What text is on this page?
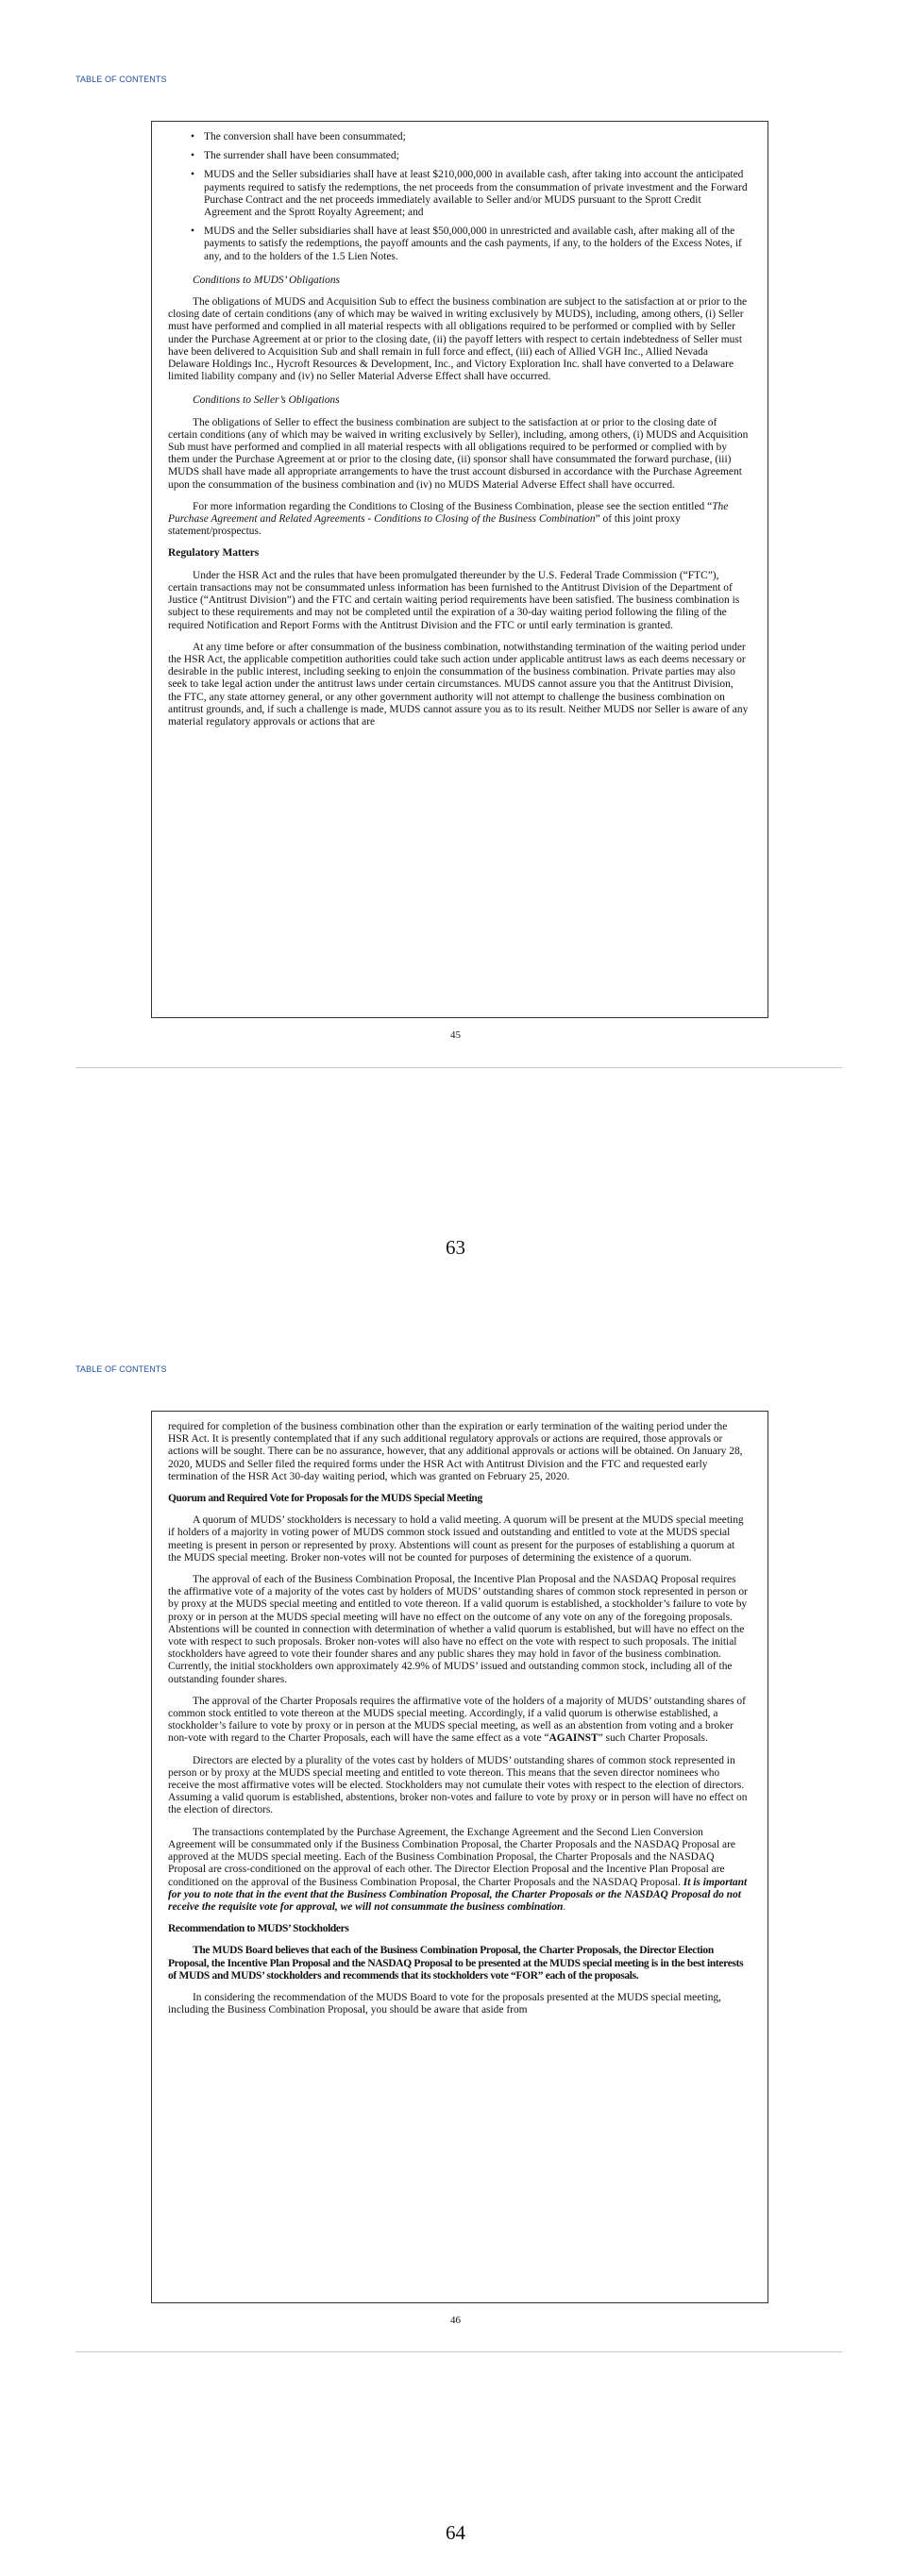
TABLE OF CONTENTS
• The conversion shall have been consummated;
• The surrender shall have been consummated;
• MUDS and the Seller subsidiaries shall have at least $210,000,000 in available cash, after taking into account the anticipated payments required to satisfy the redemptions, the net proceeds from the consummation of private investment and the Forward Purchase Contract and the net proceeds immediately available to Seller and/or MUDS pursuant to the Sprott Credit Agreement and the Sprott Royalty Agreement; and
• MUDS and the Seller subsidiaries shall have at least $50,000,000 in unrestricted and available cash, after making all of the payments to satisfy the redemptions, the payoff amounts and the cash payments, if any, to the holders of the Excess Notes, if any, and to the holders of the 1.5 Lien Notes.
Conditions to MUDS’ Obligations

The obligations of MUDS and Acquisition Sub to effect the business combination are subject to the satisfaction at or prior to the closing date of certain conditions (any of which may be waived in writing exclusively by MUDS), including, among others, (i) Seller must have performed and complied in all material respects with all obligations required to be performed or complied with by Seller under the Purchase Agreement at or prior to the closing date, (ii) the payoff letters with respect to certain indebtedness of Seller must have been delivered to Acquisition Sub and shall remain in full force and effect, (iii) each of Allied VGH Inc., Allied Nevada Delaware Holdings Inc., Hycroft Resources & Development, Inc., and Victory Exploration Inc. shall have converted to a Delaware limited liability company and (iv) no Seller Material Adverse Effect shall have occurred.

Conditions to Seller’s Obligations

The obligations of Seller to effect the business combination are subject to the satisfaction at or prior to the closing date of certain conditions (any of which may be waived in writing exclusively by Seller), including, among others, (i) MUDS and Acquisition Sub must have performed and complied in all material respects with all obligations required to be performed or complied with by them under the Purchase Agreement at or prior to the closing date, (ii) sponsor shall have consummated the forward purchase, (iii) MUDS shall have made all appropriate arrangements to have the trust account disbursed in accordance with the Purchase Agreement upon the consummation of the business combination and (iv) no MUDS Material Adverse Effect shall have occurred.

For more information regarding the Conditions to Closing of the Business Combination, please see the section entitled “The Purchase Agreement and Related Agreements - Conditions to Closing of the Business Combination” of this joint proxy statement/prospectus.

Regulatory Matters

Under the HSR Act and the rules that have been promulgated thereunder by the U.S. Federal Trade Commission (“FTC”), certain transactions may not be consummated unless information has been furnished to the Antitrust Division of the Department of Justice (“Antitrust Division”) and the FTC and certain waiting period requirements have been satisfied. The business combination is subject to these requirements and may not be completed until the expiration of a 30-day waiting period following the filing of the required Notification and Report Forms with the Antitrust Division and the FTC or until early termination is granted.

At any time before or after consummation of the business combination, notwithstanding termination of the waiting period under the HSR Act, the applicable competition authorities could take such action under applicable antitrust laws as each deems necessary or desirable in the public interest, including seeking to enjoin the consummation of the business combination. Private parties may also seek to take legal action under the antitrust laws under certain circumstances. MUDS cannot assure you that the Antitrust Division, the FTC, any state attorney general, or any other government authority will not attempt to challenge the business combination on antitrust grounds, and, if such a challenge is made, MUDS cannot assure you as to its result. Neither MUDS nor Seller is aware of any material regulatory approvals or actions that are

45
63
TABLE OF CONTENTS

required for completion of the business combination other than the expiration or early termination of the waiting period under the HSR Act. It is presently contemplated that if any such additional regulatory approvals or actions are required, those approvals or actions will be sought. There can be no assurance, however, that any additional approvals or actions will be obtained. On January 28, 2020, MUDS and Seller filed the required forms under the HSR Act with Antitrust Division and the FTC and requested early termination of the HSR Act 30-day waiting period, which was granted on February 25, 2020.

Quorum and Required Vote for Proposals for the MUDS Special Meeting

A quorum of MUDS’ stockholders is necessary to hold a valid meeting. A quorum will be present at the MUDS special meeting if holders of a majority in voting power of MUDS common stock issued and outstanding and entitled to vote at the MUDS special meeting is present in person or represented by proxy. Abstentions will count as present for the purposes of establishing a quorum at the MUDS special meeting. Broker non-votes will not be counted for purposes of determining the existence of a quorum.

The approval of each of the Business Combination Proposal, the Incentive Plan Proposal and the NASDAQ Proposal requires the affirmative vote of a majority of the votes cast by holders of MUDS’ outstanding shares of common stock represented in person or by proxy at the MUDS special meeting and entitled to vote thereon. If a valid quorum is established, a stockholder’s failure to vote by proxy or in person at the MUDS special meeting will have no effect on the outcome of any vote on any of the foregoing proposals. Abstentions will be counted in connection with determination of whether a valid quorum is established, but will have no effect on the vote with respect to such proposals. Broker non-votes will also have no effect on the vote with respect to such proposals. The initial stockholders have agreed to vote their founder shares and any public shares they may hold in favor of the business combination. Currently, the initial stockholders own approximately 42.9% of MUDS’ issued and outstanding common stock, including all of the outstanding founder shares.

The approval of the Charter Proposals requires the affirmative vote of the holders of a majority of MUDS’ outstanding shares of common stock entitled to vote thereon at the MUDS special meeting. Accordingly, if a valid quorum is otherwise established, a stockholder’s failure to vote by proxy or in person at the MUDS special meeting, as well as an abstention from voting and a broker non-vote with regard to the Charter Proposals, each will have the same effect as a vote “AGAINST” such Charter Proposals.

Directors are elected by a plurality of the votes cast by holders of MUDS’ outstanding shares of common stock represented in person or by proxy at the MUDS special meeting and entitled to vote thereon. This means that the seven director nominees who receive the most affirmative votes will be elected. Stockholders may not cumulate their votes with respect to the election of directors. Assuming a valid quorum is established, abstentions, broker non-votes and failure to vote by proxy or in person will have no effect on the election of directors.

The transactions contemplated by the Purchase Agreement, the Exchange Agreement and the Second Lien Conversion Agreement will be consummated only if the Business Combination Proposal, the Charter Proposals and the NASDAQ Proposal are approved at the MUDS special meeting. Each of the Business Combination Proposal, the Charter Proposals and the NASDAQ Proposal are cross-conditioned on the approval of each other. The Director Election Proposal and the Incentive Plan Proposal are conditioned on the approval of the Business Combination Proposal, the Charter Proposals and the NASDAQ Proposal. It is important for you to note that in the event that the Business Combination Proposal, the Charter Proposals or the NASDAQ Proposal do not receive the requisite vote for approval, we will not consummate the business combination.

Recommendation to MUDS’ Stockholders

The MUDS Board believes that each of the Business Combination Proposal, the Charter Proposals, the Director Election Proposal, the Incentive Plan Proposal and the NASDAQ Proposal to be presented at the MUDS special meeting is in the best interests of MUDS and MUDS’ stockholders and recommends that its stockholders vote “FOR” each of the proposals.

In considering the recommendation of the MUDS Board to vote for the proposals presented at the MUDS special meeting, including the Business Combination Proposal, you should be aware that aside from

46
64
